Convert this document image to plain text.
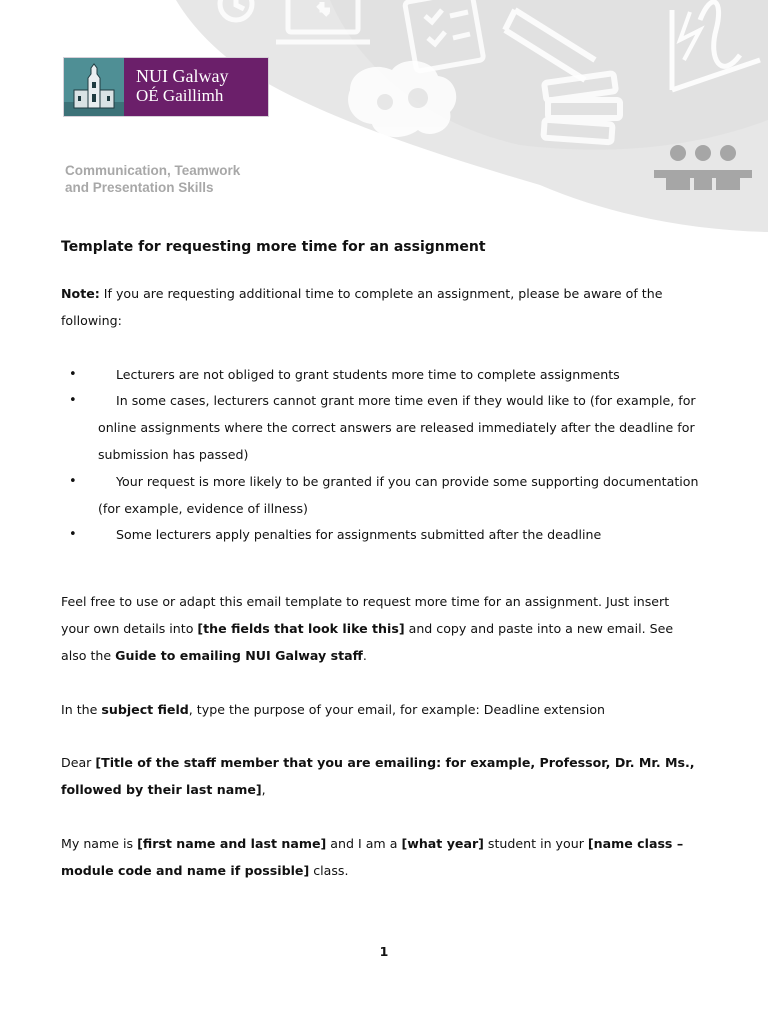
NUI Galway
OÉ Gaillimh
Communication, Teamwork
and Presentation Skills
Template for requesting more time for an assignment

Note: If you are requesting additional time to complete an assignment, please be aware of the following:

•	Lecturers are not obliged to grant students more time to complete assignments
•	In some cases, lecturers cannot grant more time even if they would like to (for example, for online assignments where the correct answers are released immediately after the deadline for submission has passed)
•	Your request is more likely to be granted if you can provide some supporting documentation (for example, evidence of illness)
•	Some lecturers apply penalties for assignments submitted after the deadline

Feel free to use or adapt this email template to request more time for an assignment. Just insert your own details into [the fields that look like this] and copy and paste into a new email. See also the Guide to emailing NUI Galway staff.

In the subject field, type the purpose of your email, for example: Deadline extension

Dear [Title of the staff member that you are emailing: for example, Professor, Dr. Mr. Ms., followed by their last name],

My name is [first name and last name] and I am a [what year] student in your [name class – module code and name if possible] class.

1
